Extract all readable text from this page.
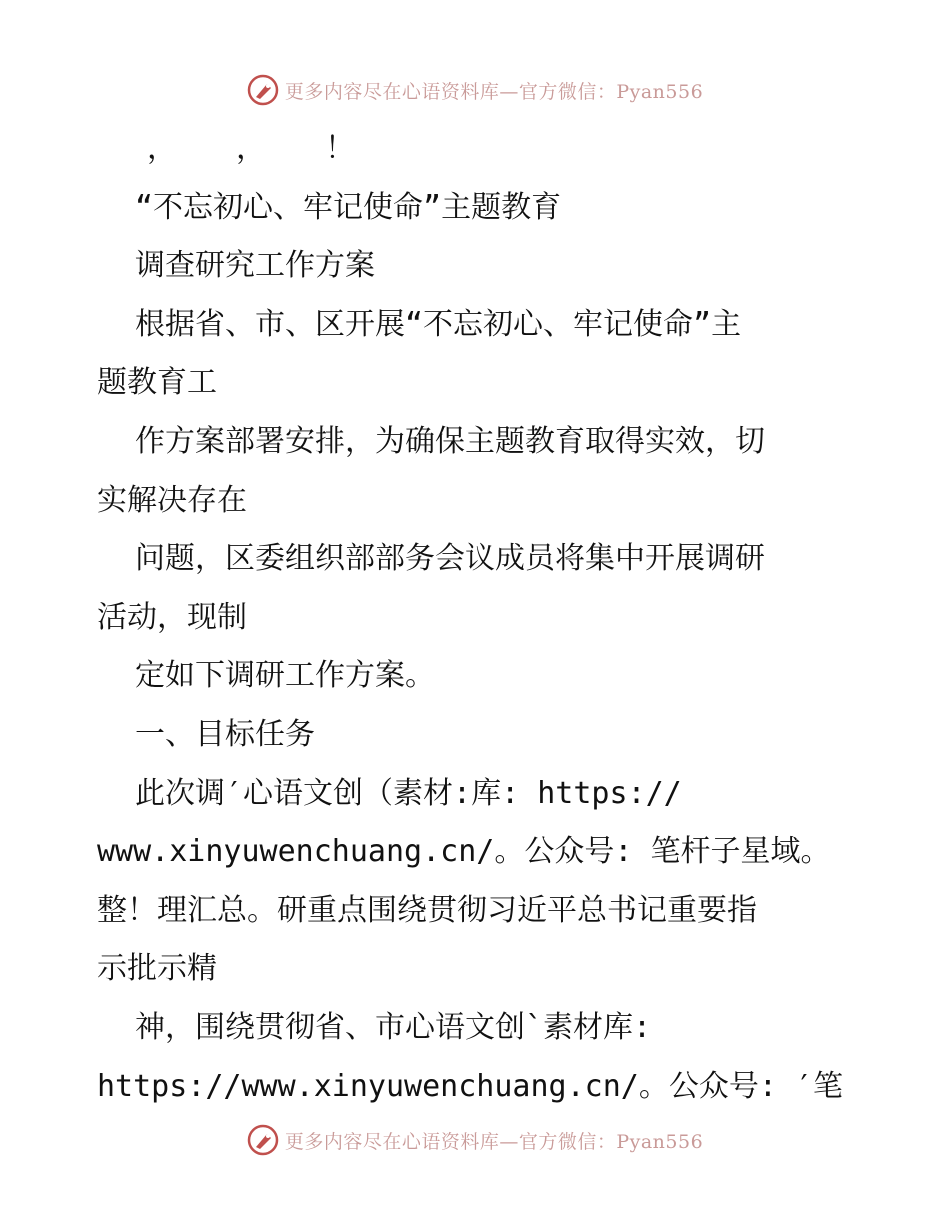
更多内容尽在心语资料库—官方微信：Pyan556
，　，　！
“不忘初心、牢记使命”主题教育
调查研究工作方案
根据省、市、区开展“不忘初心、牢记使命”主
题教育工
作方案部署安排，为确保主题教育取得实效，切
实解决存在
问题，区委组织部部务会议成员将集中开展调研
活动，现制
定如下调研工作方案。
一、目标任务
此次调′心语文创（素材:库: https://
www.xinyuwenchuang.cn/。公众号: 笔杆子星域。
整！理汇总。研重点围绕贯彻习近平总书记重要指
示批示精
神，围绕贯彻省、市心语文创`素材库:
https://www.xinyuwenchuang.cn/。公众号: ′笔
更多内容尽在心语资料库—官方微信：Pyan556
